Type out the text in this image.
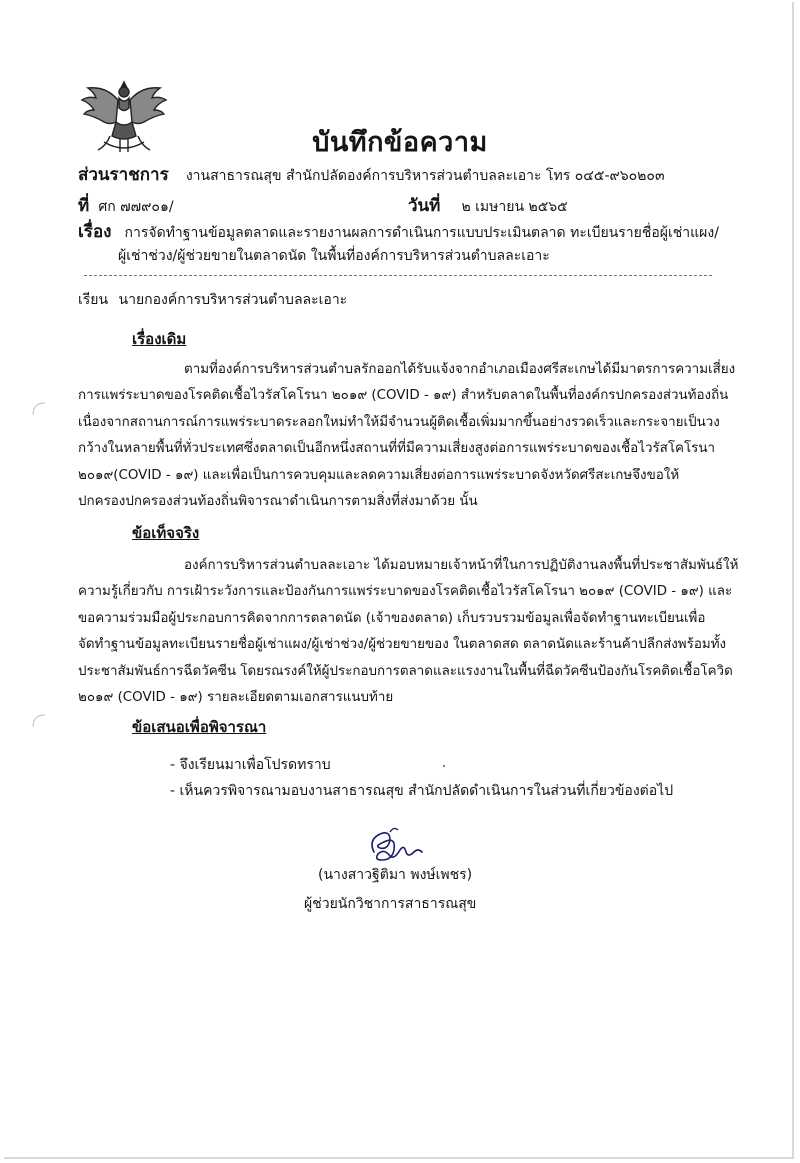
บันทึกข้อความ
ส่วนราชการ งานสาธารณสุข สำนักปลัดองค์การบริหารส่วนตำบลละเอาะ โทร ๐๔๕-๙๖๐๒๐๓
ที่ ศก ๗๗๙๐๑/	วันที่ ๒ เมษายน ๒๕๖๕
เรื่อง การจัดทำฐานข้อมูลตลาดและรายงานผลการดำเนินการแบบประเมินตลาด ทะเบียนรายชื่อผู้เช่าแผง/
ผู้เช่าช่วง/ผู้ช่วยขายในตลาดนัด ในพื้นที่องค์การบริหารส่วนตำบลละเอาะ
เรียน นายกองค์การบริหารส่วนตำบลละเอาะ
เรื่องเดิม
ตามที่องค์การบริหารส่วนตำบลรักออกได้รับแจ้งจากอำเภอเมืองศรีสะเกษได้มีมาตรการความเสี่ยง
การแพร่ระบาดของโรคติดเชื้อไวรัสโคโรนา ๒๐๑๙ (COVID - ๑๙) สำหรับตลาดในพื้นที่องค์กรปกครองส่วนท้องถิ่น
เนื่องจากสถานการณ์การแพร่ระบาดระลอกใหม่ทำให้มีจำนวนผู้ติดเชื้อเพิ่มมากขึ้นอย่างรวดเร็วและกระจายเป็นวง
กว้างในหลายพื้นที่ทั่วประเทศซึ่งตลาดเป็นอีกหนึ่งสถานที่ที่มีความเสี่ยงสูงต่อการแพร่ระบาดของเชื้อไวรัสโคโรนา
๒๐๑๙(COVID - ๑๙) และเพื่อเป็นการควบคุมและลดความเสี่ยงต่อการแพร่ระบาดจังหวัดศรีสะเกษจึงขอให้
ปกครองปกครองส่วนท้องถิ่นพิจารณาดำเนินการตามสิ่งที่ส่งมาด้วย นั้น
ข้อเท็จจริง
องค์การบริหารส่วนตำบลละเอาะ ได้มอบหมายเจ้าหน้าที่ในการปฏิบัติงานลงพื้นที่ประชาสัมพันธ์ให้
ความรู้เกี่ยวกับ การเฝ้าระวังการและป้องกันการแพร่ระบาดของโรคติดเชื้อไวรัสโคโรนา ๒๐๑๙ (COVID - ๑๙) และ
ขอความร่วมมือผู้ประกอบการคิดจากการตลาดนัด (เจ้าของตลาด) เก็บรวบรวมข้อมูลเพื่อจัดทำฐานทะเบียนเพื่อ
จัดทำฐานข้อมูลทะเบียนรายชื่อผู้เช่าแผง/ผู้เช่าช่วง/ผู้ช่วยขายของ ในตลาดสด ตลาดนัดและร้านค้าปลีกส่งพร้อมทั้ง
ประชาสัมพันธ์การฉีดวัคซีน โดยรณรงค์ให้ผู้ประกอบการตลาดและแรงงานในพื้นที่ฉีดวัคซีนป้องกันโรคติดเชื้อโควิด
๒๐๑๙ (COVID - ๑๙) รายละเอียดตามเอกสารแนบท้าย
ข้อเสนอเพื่อพิจารณา
- จึงเรียนมาเพื่อโปรดทราบ
- เห็นควรพิจารณามอบงานสาธารณสุข สำนักปลัดดำเนินการในส่วนที่เกี่ยวข้องต่อไป
(นางสาวฐิติมา พงษ์เพชร)
ผู้ช่วยนักวิชาการสาธารณสุข
